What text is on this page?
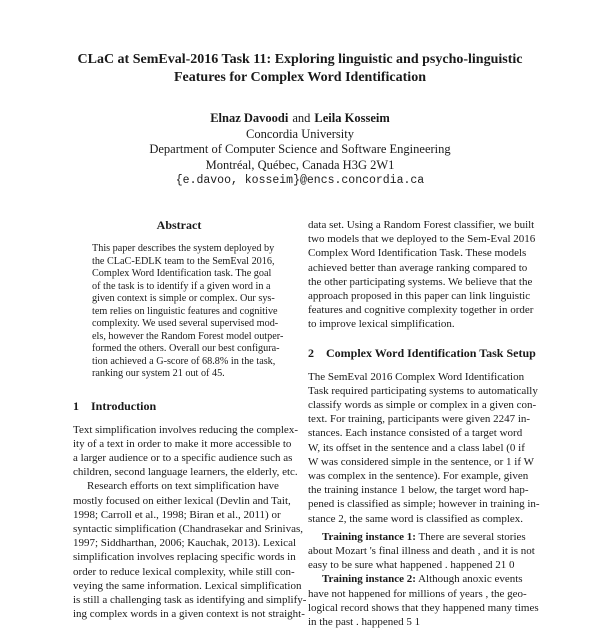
CLaC at SemEval-2016 Task 11: Exploring linguistic and psycho-linguistic
Features for Complex Word Identification
Elnaz Davoodi and Leila Kosseim
Concordia University
Department of Computer Science and Software Engineering
Montréal, Québec, Canada H3G 2W1
{e.davoo, kosseim}@encs.concordia.ca
Abstract
This paper describes the system deployed by
the CLaC-EDLK team to the SemEval 2016,
Complex Word Identification task. The goal
of the task is to identify if a given word in a
given context is simple or complex. Our sys-
tem relies on linguistic features and cognitive
complexity. We used several supervised mod-
els, however the Random Forest model outper-
formed the others. Overall our best configura-
tion achieved a G-score of 68.8% in the task,
ranking our system 21 out of 45.
1 Introduction
Text simplification involves reducing the complex-
ity of a text in order to make it more accessible to
a larger audience or to a specific audience such as
children, second language learners, the elderly, etc.
Research efforts on text simplification have
mostly focused on either lexical (Devlin and Tait,
1998; Carroll et al., 1998; Biran et al., 2011) or
syntactic simplification (Chandrasekar and Srinivas,
1997; Siddharthan, 2006; Kauchak, 2013). Lexical
simplification involves replacing specific words in
order to reduce lexical complexity, while still con-
veying the same information. Lexical simplification
is still a challenging task as identifying and simplify-
ing complex words in a given context is not straight-
data set. Using a Random Forest classifier, we built
two models that we deployed to the Sem-Eval 2016
Complex Word Identification Task. These models
achieved better than average ranking compared to
the other participating systems. We believe that the
approach proposed in this paper can link linguistic
features and cognitive complexity together in order
to improve lexical simplification.
2 Complex Word Identification Task Setup
The SemEval 2016 Complex Word Identification
Task required participating systems to automatically
classify words as simple or complex in a given con-
text. For training, participants were given 2247 in-
stances. Each instance consisted of a target word
W, its offset in the sentence and a class label (0 if
W was considered simple in the sentence, or 1 if W
was complex in the sentence). For example, given
the training instance 1 below, the target word hap-
pened is classified as simple; however in training in-
stance 2, the same word is classified as complex.
Training instance 1: There are several stories
about Mozart 's final illness and death , and it is not
easy to be sure what happened . happened 21 0
Training instance 2: Although anoxic events
have not happened for millions of years , the geo-
logical record shows that they happened many times
in the past . happened 5 1
